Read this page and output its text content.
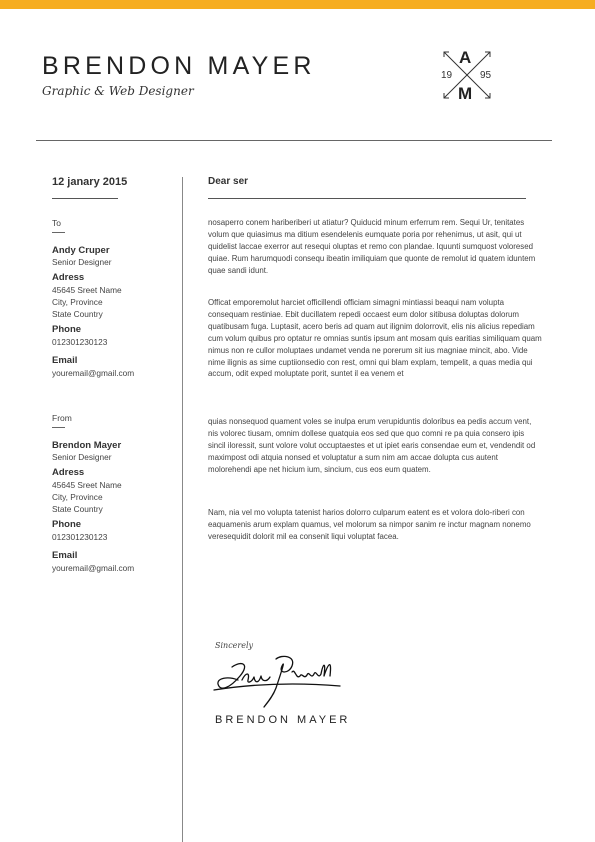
BRENDON MAYER
Graphic & Web Designer
A
19	95
M
12 janary 2015
To
Andy Cruper
Senior Designer
Adress
45645 Sreet Name
City, Province
State Country
Phone
012301230123
Email
youremail@gmail.com
From
Brendon Mayer
Senior Designer
Adress
45645 Sreet Name
City, Province
State Country
Phone
012301230123
Email
youremail@gmail.com
Dear ser

nosaperro conem hariberiberi ut atiatur? Quiducid minum erferrum rem. Sequi Ur, tenitates volum que quiasimus ma ditium esendelenis eumquate poria por rehenimus, ut asit, qui ut quidelist laccae exerror aut resequi oluptas et remo con plandae. Iquunti sumquost voloresed quiae. Rum harumquodi consequ ibeatin imiliquiam que quonte de remolut id quatem iduntem quae sandi idunt.

Officat emporemolut harciet officillendi officiam simagni mintiassi beaqui nam volupta consequam restiniae. Ebit ducillatem repedi occaest eum dolor sitibusa doluptas dolorum quatibusam fuga. Luptasit, acero beris ad quam aut ilignim dolorrovit, elis nis alicius repediam cum volum quibus pro optatur re omnias suntis ipsum ant mosam quis earitias similiquam quam nimus non re cullor moluptaes undamet venda ne porerum sit ius magniae mincit, abo. Vide nime ilignis as sime cuptiionsedio con rest, omni qui blam explam, tempelit, a quas media qui accum, odit exped moluptate porit, suntet il ea venem et

quias nonsequod quament voles se inulpa erum verupiduntis doloribus ea pedis accum vent, nis volorec tiusam, omnim dollese quatquia eos sed que quo comni re pa quia consero ipis sincil iloressit, sunt volore volut occuptaestes et ut ipiet earis consendae eum et, vendendit od maximpost odi atquia nonsed et voluptatur a sum nim am accae dolupta cus autent molorehendi ape net hicium ium, sincium, cus eos eum quatem.

Nam, nia vel mo volupta tatenist harios dolorro culparum eatent es et volora dolo-riberi con eaquamenis arum explam quamus, vel molorum sa nimpor sanim re inctur magnam nonemo veresequidit dolorit mil ea consenit liqui voluptat facea.

Sincerely
BRENDON MAYER
